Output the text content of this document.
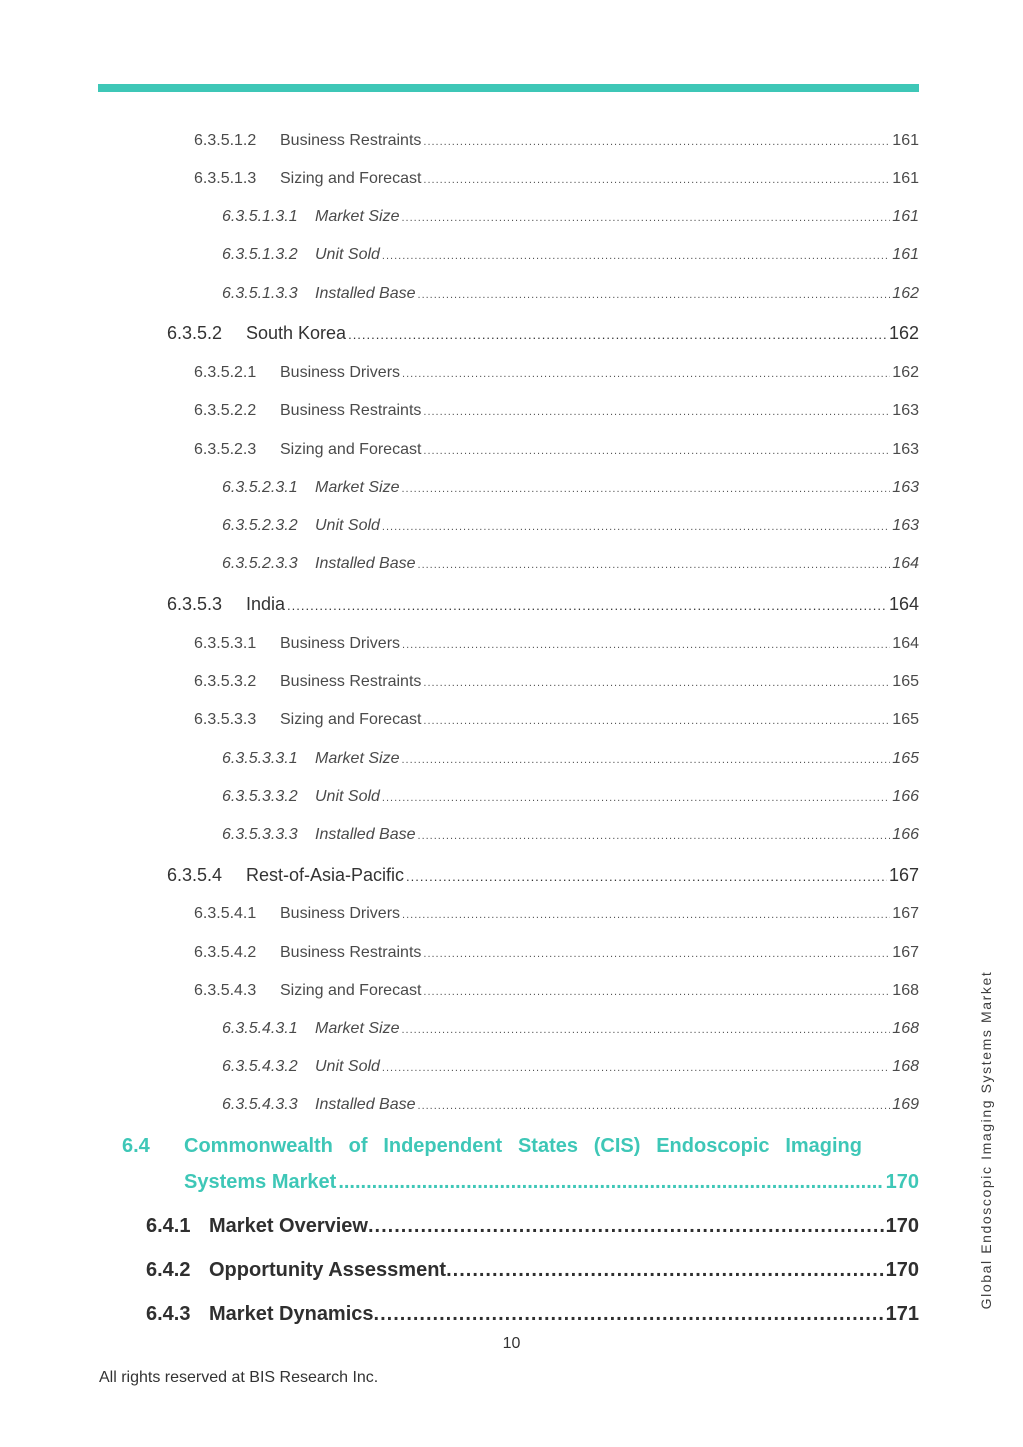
6.3.5.1.2	Business Restraints .....	161
6.3.5.1.3	Sizing and Forecast .....	161
6.3.5.1.3.1	Market Size .....	161
6.3.5.1.3.2	Unit Sold .....	161
6.3.5.1.3.3	Installed Base .....	162
6.3.5.2	South Korea .....	162
6.3.5.2.1	Business Drivers .....	162
6.3.5.2.2	Business Restraints .....	163
6.3.5.2.3	Sizing and Forecast .....	163
6.3.5.2.3.1	Market Size .....	163
6.3.5.2.3.2	Unit Sold .....	163
6.3.5.2.3.3	Installed Base .....	164
6.3.5.3	India .....	164
6.3.5.3.1	Business Drivers .....	164
6.3.5.3.2	Business Restraints .....	165
6.3.5.3.3	Sizing and Forecast .....	165
6.3.5.3.3.1	Market Size .....	165
6.3.5.3.3.2	Unit Sold .....	166
6.3.5.3.3.3	Installed Base .....	166
6.3.5.4	Rest-of-Asia-Pacific .....	167
6.3.5.4.1	Business Drivers .....	167
6.3.5.4.2	Business Restraints .....	167
6.3.5.4.3	Sizing and Forecast .....	168
6.3.5.4.3.1	Market Size .....	168
6.3.5.4.3.2	Unit Sold .....	168
6.3.5.4.3.3	Installed Base .....	169
6.4 Commonwealth of Independent States (CIS) Endoscopic Imaging
Systems Market .....	170
6.4.1 Market Overview .....	170
6.4.2 Opportunity Assessment .....	170
6.4.3 Market Dynamics .....	171
10
All rights reserved at BIS Research Inc.
Global Endoscopic Imaging Systems Market
